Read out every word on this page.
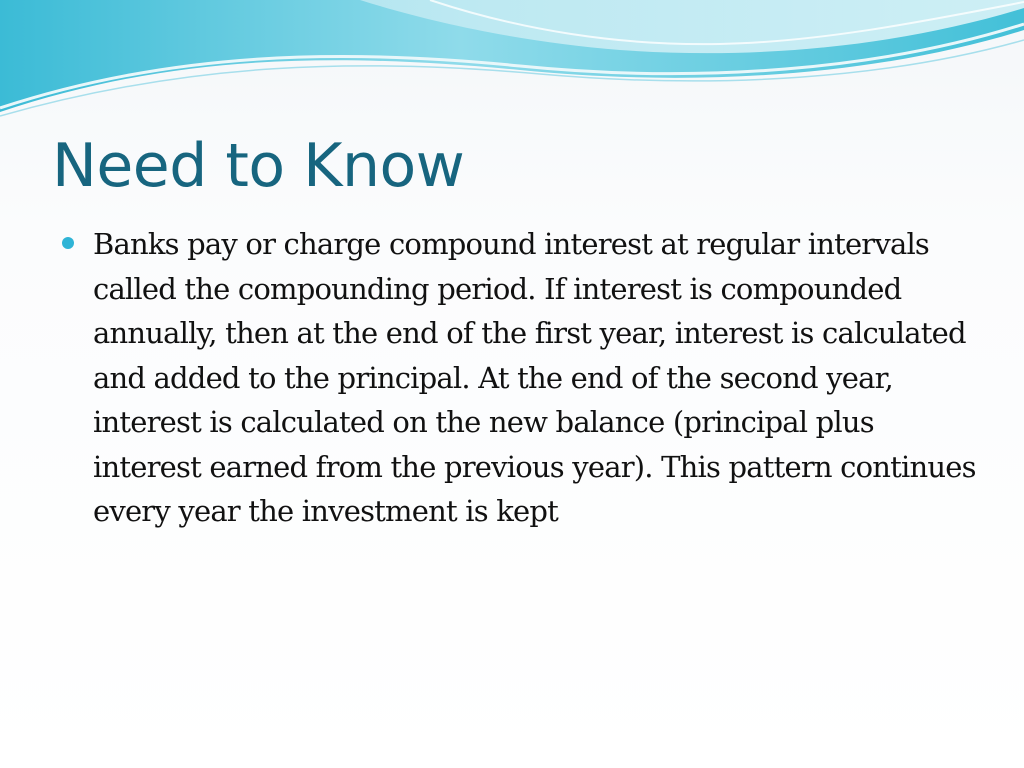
Need to Know
Banks pay or charge compound interest at regular intervals called the compounding period. If interest is compounded annually, then at the end of the first year, interest is calculated and added to the principal. At the end of the second year, interest is calculated on the new balance (principal plus interest earned from the previous year). This pattern continues every year the investment is kept
